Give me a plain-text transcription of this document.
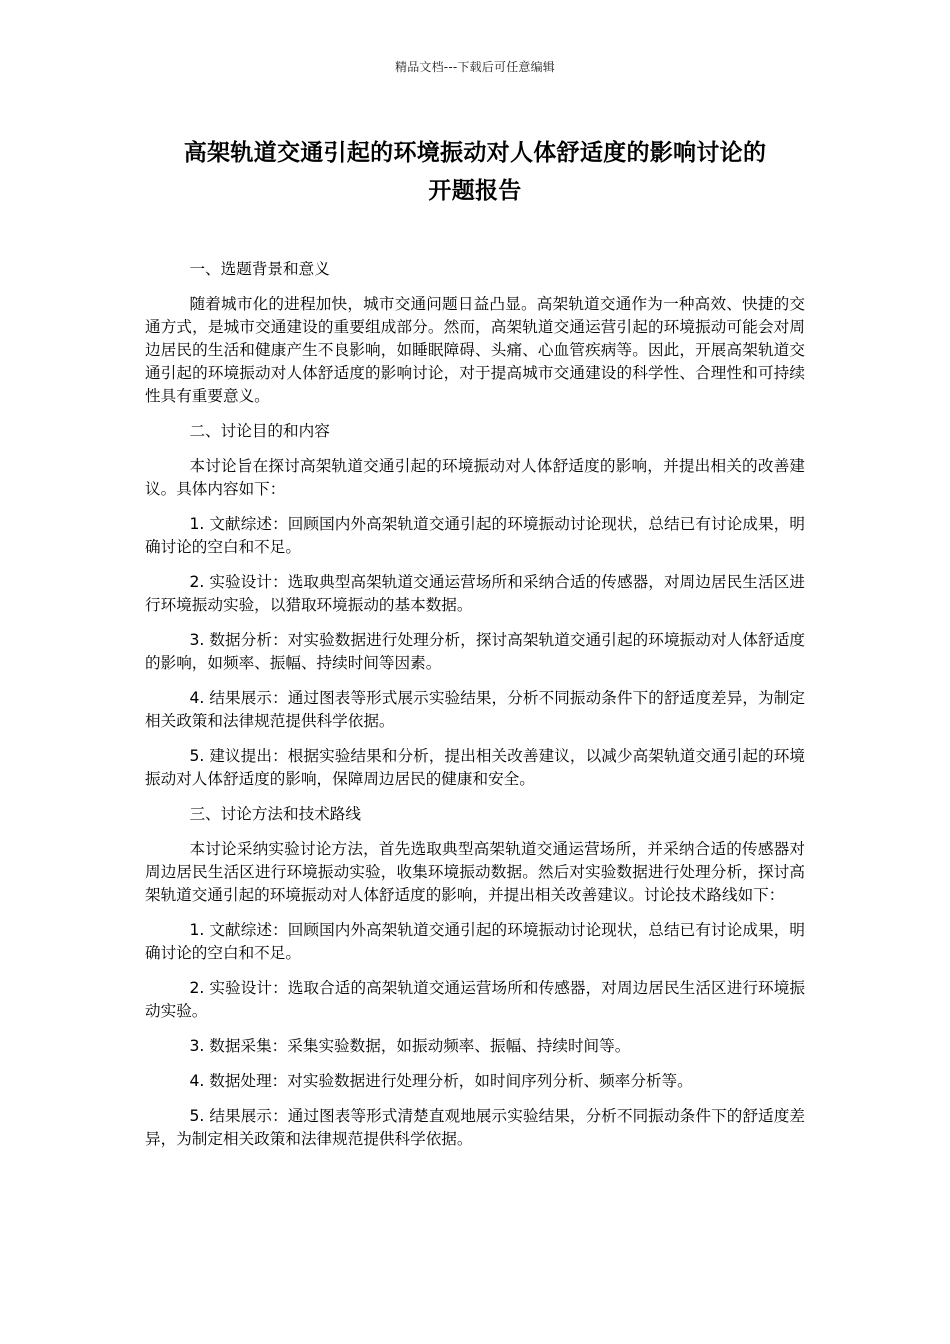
精品文档---下载后可任意编辑
高架轨道交通引起的环境振动对人体舒适度的影响讨论的
开题报告

一、选题背景和意义

随着城市化的进程加快，城市交通问题日益凸显。高架轨道交通作为一种高效、快捷的交通方式，是城市交通建设的重要组成部分。然而，高架轨道交通运营引起的环境振动可能会对周边居民的生活和健康产生不良影响，如睡眠障碍、头痛、心血管疾病等。因此，开展高架轨道交通引起的环境振动对人体舒适度的影响讨论，对于提高城市交通建设的科学性、合理性和可持续性具有重要意义。

二、讨论目的和内容

本讨论旨在探讨高架轨道交通引起的环境振动对人体舒适度的影响，并提出相关的改善建议。具体内容如下：

1. 文献综述：回顾国内外高架轨道交通引起的环境振动讨论现状，总结已有讨论成果，明确讨论的空白和不足。

2. 实验设计：选取典型高架轨道交通运营场所和采纳合适的传感器，对周边居民生活区进行环境振动实验，以猎取环境振动的基本数据。

3. 数据分析：对实验数据进行处理分析，探讨高架轨道交通引起的环境振动对人体舒适度的影响，如频率、振幅、持续时间等因素。

4. 结果展示：通过图表等形式展示实验结果，分析不同振动条件下的舒适度差异，为制定相关政策和法律规范提供科学依据。

5. 建议提出：根据实验结果和分析，提出相关改善建议，以减少高架轨道交通引起的环境振动对人体舒适度的影响，保障周边居民的健康和安全。

三、讨论方法和技术路线

本讨论采纳实验讨论方法，首先选取典型高架轨道交通运营场所，并采纳合适的传感器对周边居民生活区进行环境振动实验，收集环境振动数据。然后对实验数据进行处理分析，探讨高架轨道交通引起的环境振动对人体舒适度的影响，并提出相关改善建议。讨论技术路线如下：

1. 文献综述：回顾国内外高架轨道交通引起的环境振动讨论现状，总结已有讨论成果，明确讨论的空白和不足。

2. 实验设计：选取合适的高架轨道交通运营场所和传感器，对周边居民生活区进行环境振动实验。

3. 数据采集：采集实验数据，如振动频率、振幅、持续时间等。

4. 数据处理：对实验数据进行处理分析，如时间序列分析、频率分析等。

5. 结果展示：通过图表等形式清楚直观地展示实验结果，分析不同振动条件下的舒适度差异，为制定相关政策和法律规范提供科学依据。
